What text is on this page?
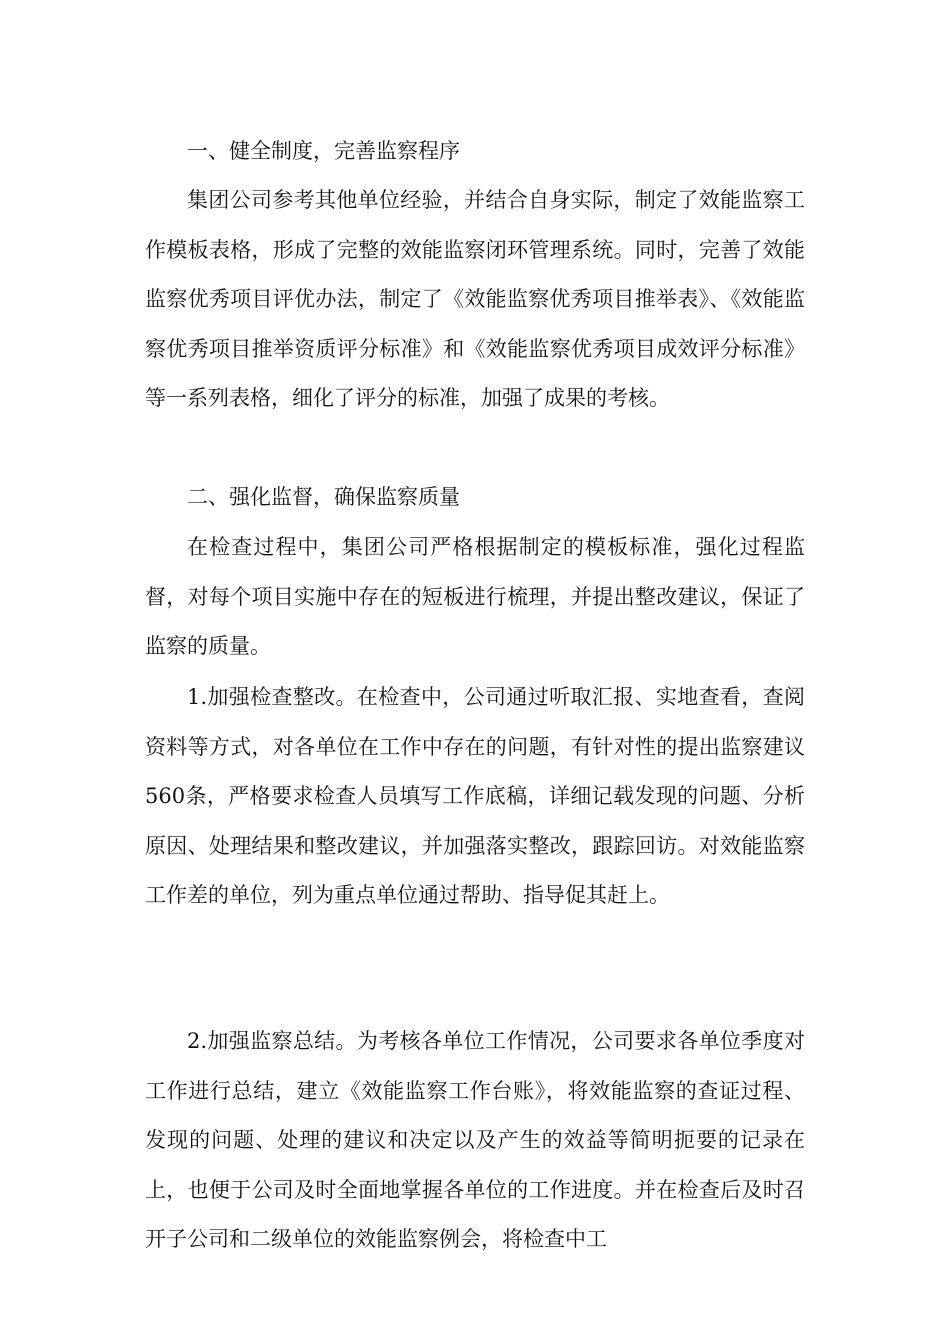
一、健全制度，完善监察程序

集团公司参考其他单位经验，并结合自身实际，制定了效能监察工作模板表格，形成了完整的效能监察闭环管理系统。同时，完善了效能监察优秀项目评优办法，制定了《效能监察优秀项目推举表》、《效能监察优秀项目推举资质评分标准》和《效能监察优秀项目成效评分标准》等一系列表格，细化了评分的标准，加强了成果的考核。

二、强化监督，确保监察质量

在检查过程中，集团公司严格根据制定的模板标准，强化过程监督，对每个项目实施中存在的短板进行梳理，并提出整改建议，保证了监察的质量。

1.加强检查整改。在检查中，公司通过听取汇报、实地查看，查阅资料等方式，对各单位在工作中存在的问题，有针对性的提出监察建议560条，严格要求检查人员填写工作底稿，详细记载发现的问题、分析原因、处理结果和整改建议，并加强落实整改，跟踪回访。对效能监察工作差的单位，列为重点单位通过帮助、指导促其赶上。

2.加强监察总结。为考核各单位工作情况，公司要求各单位季度对工作进行总结，建立《效能监察工作台账》，将效能监察的查证过程、发现的问题、处理的建议和决定以及产生的效益等简明扼要的记录在上，也便于公司及时全面地掌握各单位的工作进度。并在检查后及时召开子公司和二级单位的效能监察例会，将检查中工
